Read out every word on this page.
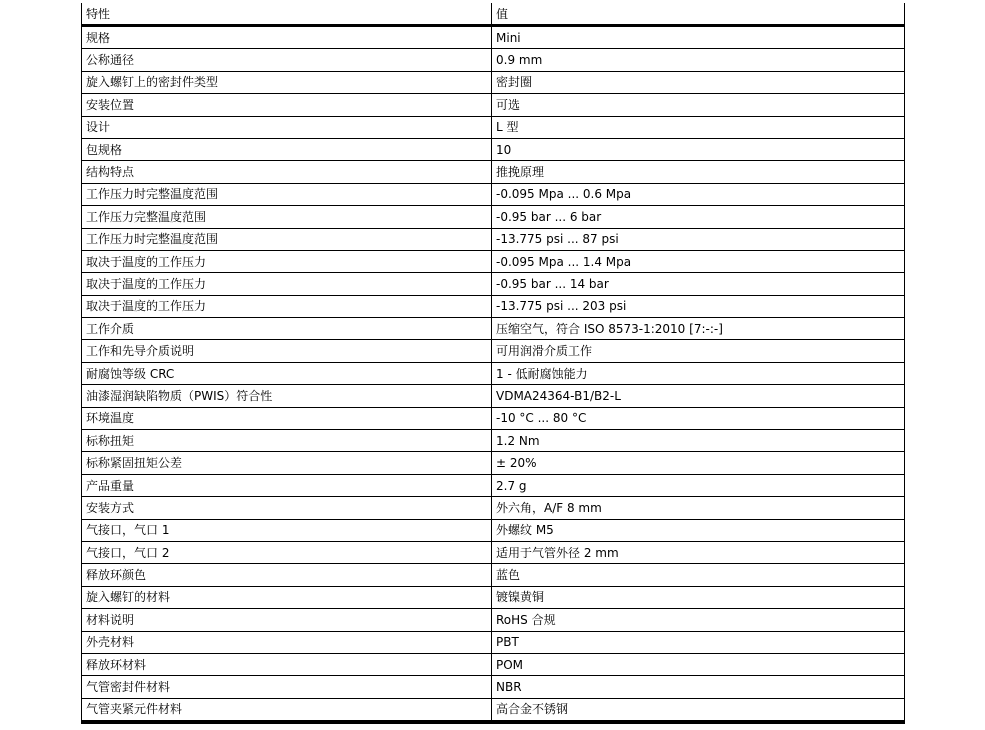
特性	值
规格	Mini
公称通径	0.9 mm
旋入螺钉上的密封件类型	密封圈
安装位置	可选
设计	L 型
包规格	10
结构特点	推挽原理
工作压力时完整温度范围	-0.095 Mpa ... 0.6 Mpa
工作压力完整温度范围	-0.95 bar ... 6 bar
工作压力时完整温度范围	-13.775 psi ... 87 psi
取决于温度的工作压力	-0.095 Mpa ... 1.4 Mpa
取决于温度的工作压力	-0.95 bar ... 14 bar
取决于温度的工作压力	-13.775 psi ... 203 psi
工作介质	压缩空气，符合 ISO 8573-1:2010 [7:-:-]
工作和先导介质说明	可用润滑介质工作
耐腐蚀等级 CRC	1 - 低耐腐蚀能力
油漆湿润缺陷物质（PWIS）符合性	VDMA24364-B1/B2-L
环境温度	-10 °C ... 80 °C
标称扭矩	1.2 Nm
标称紧固扭矩公差	± 20%
产品重量	2.7 g
安装方式	外六角，A/F 8 mm
气接口，气口 1	外螺纹 M5
气接口，气口 2	适用于气管外径 2 mm
释放环颜色	蓝色
旋入螺钉的材料	镀镍黄铜
材料说明	RoHS 合规
外壳材料	PBT
释放环材料	POM
气管密封件材料	NBR
气管夹紧元件材料	高合金不锈钢
